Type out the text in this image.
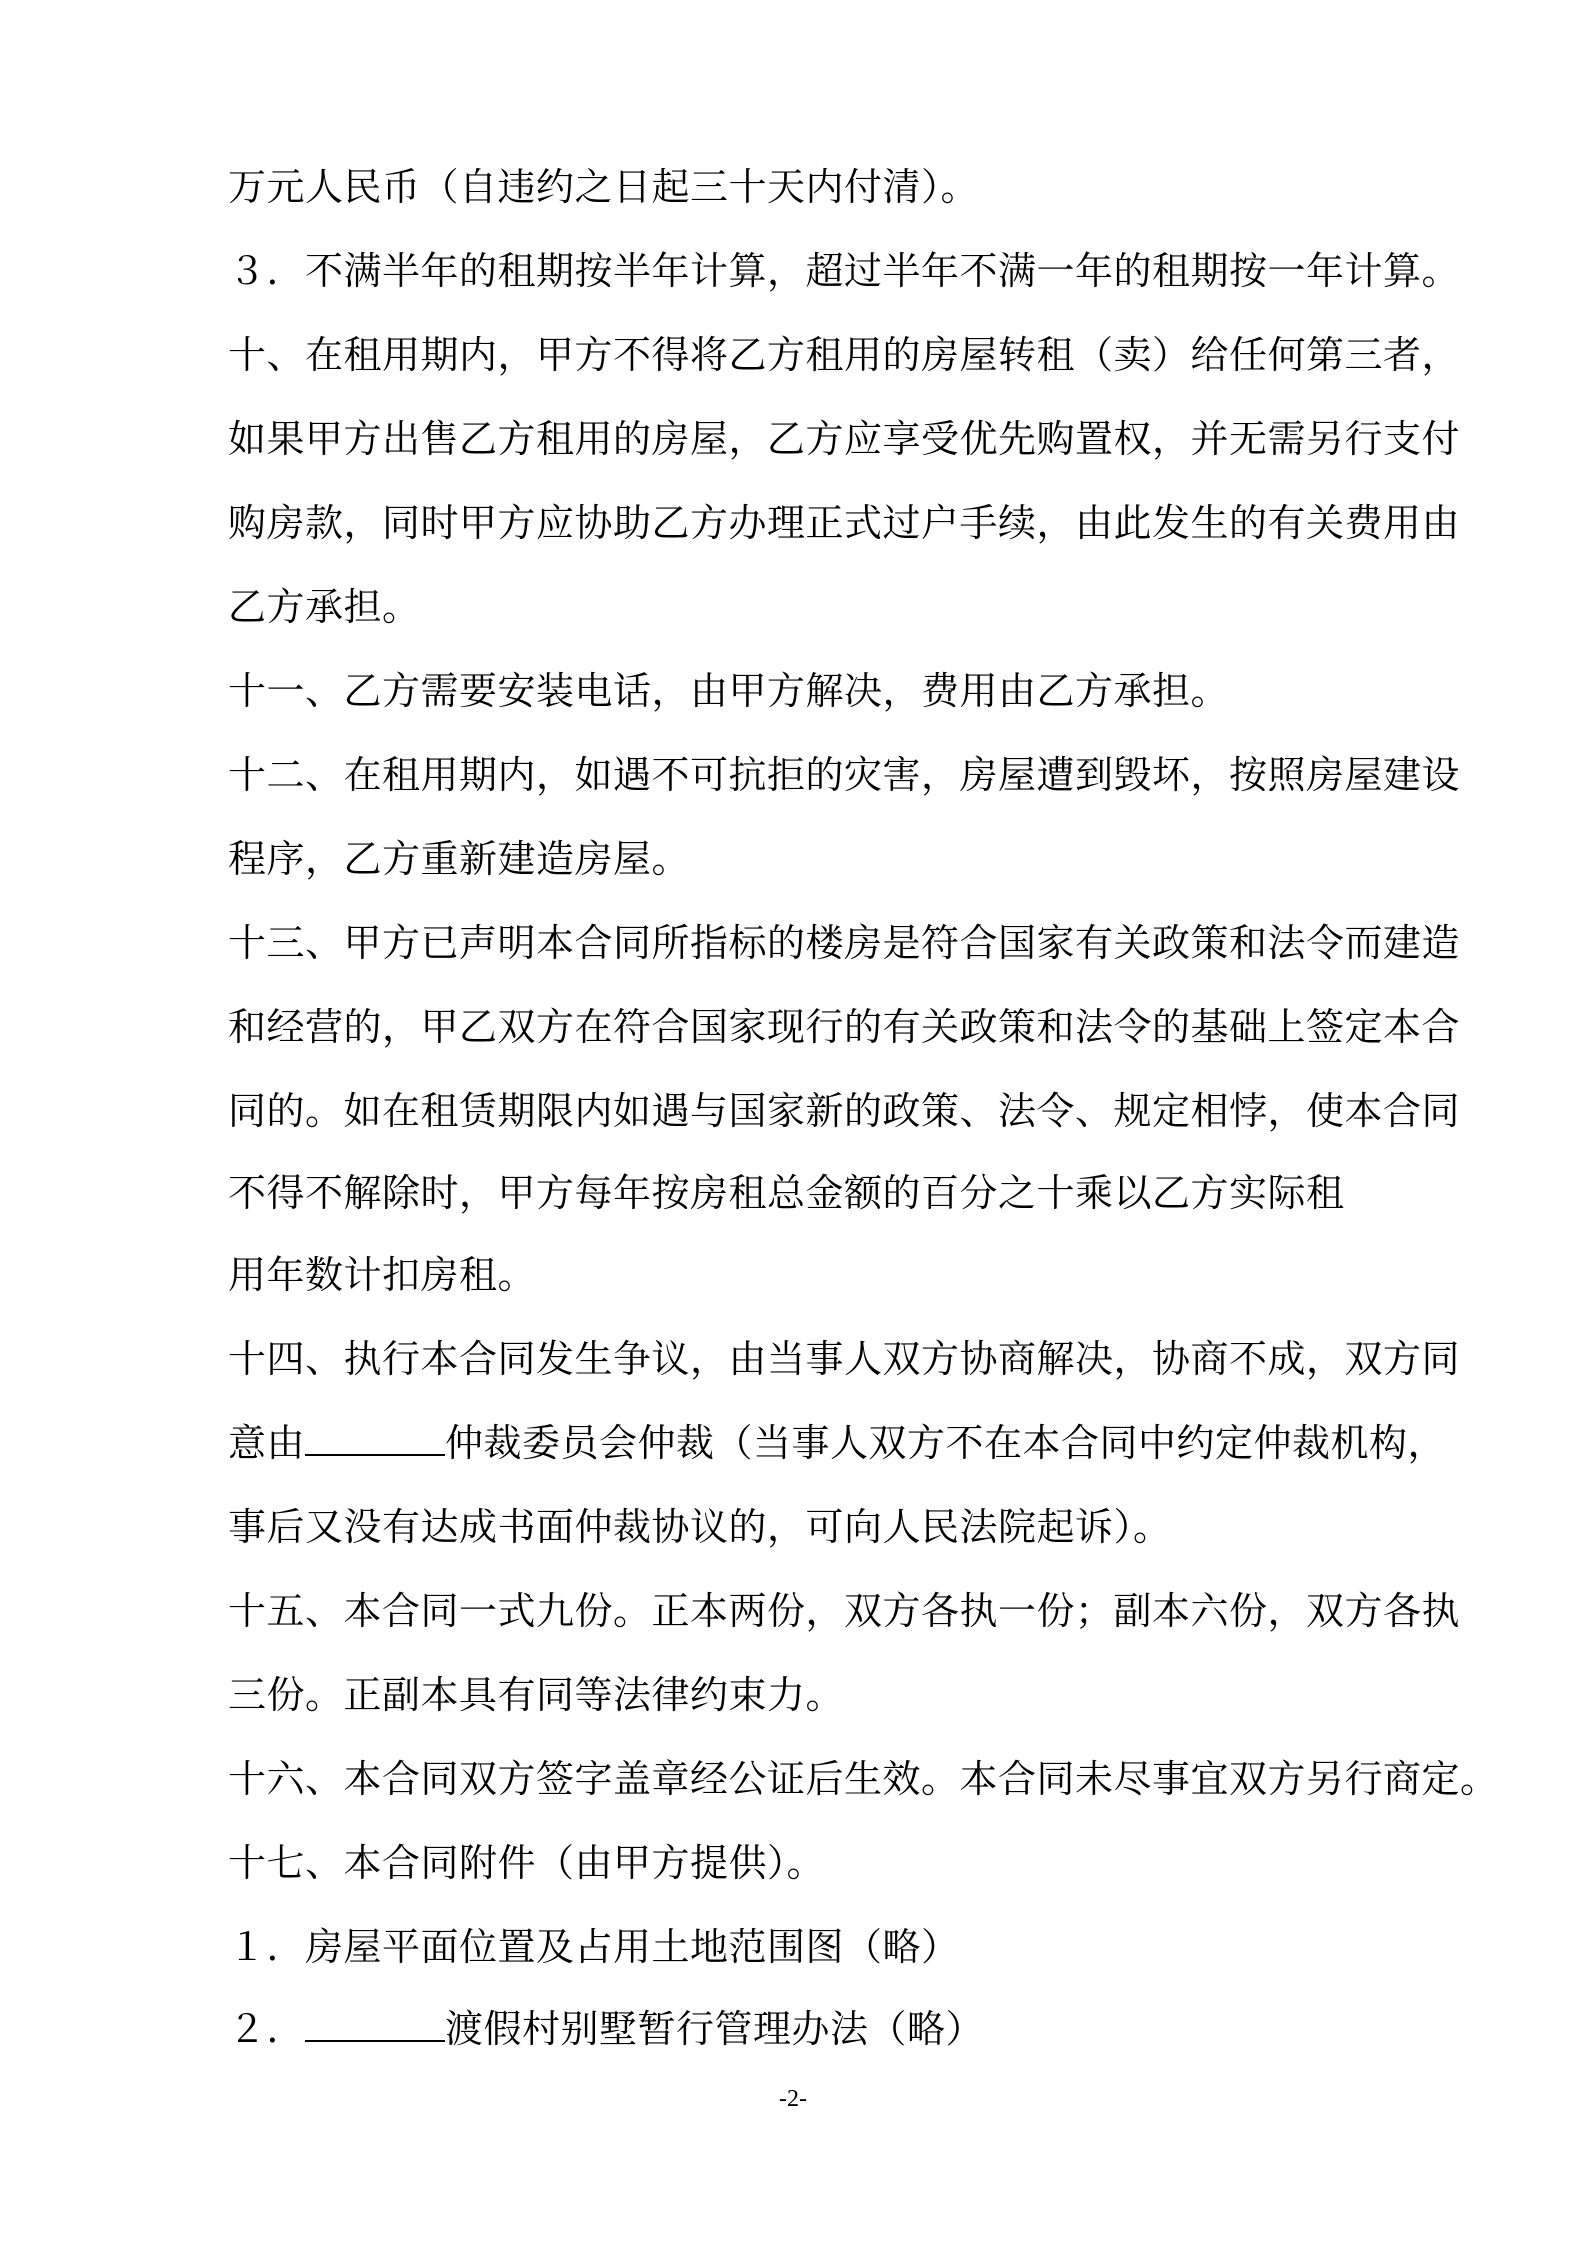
万元人民币（自违约之日起三十天内付清）。
３．不满半年的租期按半年计算，超过半年不满一年的租期按一年计算。
十、在租用期内，甲方不得将乙方租用的房屋转租（卖）给任何第三者，
如果甲方出售乙方租用的房屋，乙方应享受优先购置权，并无需另行支付
购房款，同时甲方应协助乙方办理正式过户手续，由此发生的有关费用由
乙方承担。
十一、乙方需要安装电话，由甲方解决，费用由乙方承担。
十二、在租用期内，如遇不可抗拒的灾害，房屋遭到毁坏，按照房屋建设
程序，乙方重新建造房屋。
十三、甲方已声明本合同所指标的楼房是符合国家有关政策和法令而建造
和经营的，甲乙双方在符合国家现行的有关政策和法令的基础上签定本合
同的。如在租赁期限内如遇与国家新的政策、法令、规定相悖，使本合同
不得不解除时，甲方每年按房租总金额的百分之十乘以乙方实际租
用年数计扣房租。
十四、执行本合同发生争议，由当事人双方协商解决，协商不成，双方同
意由	仲裁委员会仲裁（当事人双方不在本合同中约定仲裁机构，
事后又没有达成书面仲裁协议的，可向人民法院起诉）。
十五、本合同一式九份。正本两份，双方各执一份；副本六份，双方各执
三份。正副本具有同等法律约束力。
十六、本合同双方签字盖章经公证后生效。本合同未尽事宜双方另行商定。
十七、本合同附件（由甲方提供）。
１．房屋平面位置及占用土地范围图（略）
２．	渡假村别墅暂行管理办法（略）
-2-
